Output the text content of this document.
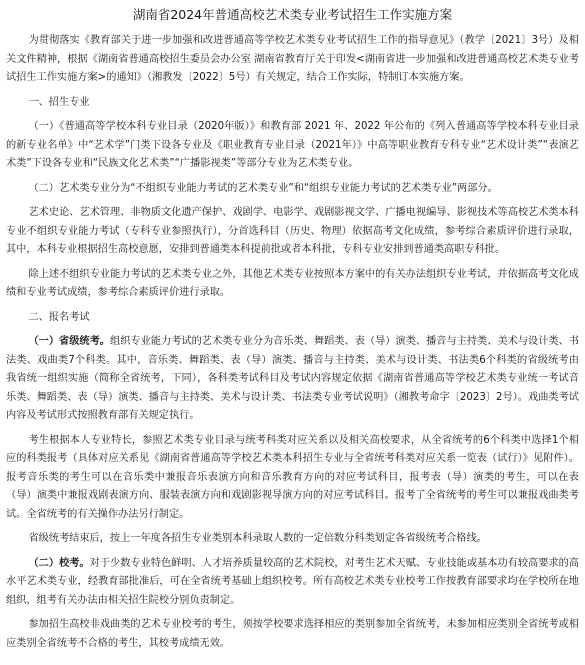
湖南省2024年普通高校艺术类专业考试招生工作实施方案

为贯彻落实《教育部关于进一步加强和改进普通高等学校艺术类专业考试招生工作的指导意见》（教学〔2021〕3号）及相关文件精神，根据《湖南省普通高校招生委员会办公室 湖南省教育厅关于印发<湖南省进一步加强和改进普通高校艺术类专业考试招生工作实施方案>的通知》（湘教发〔2022〕5号）有关规定，结合工作实际，特制订本实施方案。

一、招生专业

（一）《普通高等学校本科专业目录（2020年版）》和教育部 2021 年、2022 年公布的《列入普通高等学校本科专业目录的新专业名单》中“艺术学”门类下设各专业及《职业教育专业目录（2021年）》中高等职业教育专科专业“艺术设计类”“表演艺术类”下设各专业和“民族文化艺术类”“广播影视类”等部分专业为艺术类专业。

（二）艺术类专业分为“不组织专业能力考试的艺术类专业”和“组织专业能力考试的艺术类专业”两部分。

艺术史论、艺术管理、非物质文化遗产保护、戏剧学、电影学、戏剧影视文学、广播电视编导、影视技术等高校艺术类本科专业不组织专业能力考试（专科专业参照执行），分首选科目（历史、物理）依据高考文化成绩，参考综合素质评价进行录取，其中，本科专业根据招生高校意愿，安排到普通类本科提前批或者本科批，专科专业安排到普通类高职专科批。

除上述不组织专业能力考试的艺术类专业之外，其他艺术类专业按照本方案中的有关办法组织专业考试，并依据高考文化成绩和专业考试成绩，参考综合素质评价进行录取。

二、报名考试

（一）省级统考。组织专业能力考试的艺术类专业分为音乐类、舞蹈类、表（导）演类、播音与主持类、美术与设计类、书法类、戏曲类7个科类。其中，音乐类、舞蹈类、表（导）演类、播音与主持类、美术与设计类、书法类6个科类的省级统考由我省统一组织实施（简称全省统考，下同），各科类考试科目及考试内容规定依据《湖南省普通高等学校艺术类专业统一考试音乐类、舞蹈类、表（导）演类、播音与主持类、美术与设计类、书法类专业考试说明》（湘教考命字〔2023〕2号）。戏曲类考试内容及考试形式按照教育部有关规定执行。

考生根据本人专业特长，参照艺术类专业目录与统考科类对应关系以及相关高校要求，从全省统考的6个科类中选择1个相应的科类报考（具体对应关系见《湖南省普通高等学校艺术类本科招生专业与全省统考科类对应关系一览表（试行）》见附件）。报考音乐类的考生可以在音乐类中兼报音乐表演方向和音乐教育方向的对应考试科目，报考表（导）演类的考生，可以在表（导）演类中兼报戏剧表演方向、服装表演方向和戏剧影视导演方向的对应考试科目。报考了全省统考的考生可以兼报戏曲类考试。全省统考的有关操作办法另行制定。

省级统考结束后，按上一年度各招生专业类别本科录取人数的一定倍数分科类划定各省级统考合格线。

（二）校考。对于少数专业特色鲜明、人才培养质量较高的艺术院校，对考生艺术天赋、专业技能或基本功有较高要求的高水平艺术类专业，经教育部批准后，可在全省统考基础上组织校考。所有高校艺术类专业校考工作按教育部要求均在学校所在地组织，组考有关办法由相关招生院校分别负责制定。

参加招生高校非戏曲类的艺术专业校考的考生，须按学校要求选择相应的类别参加全省统考，未参加相应类别全省统考或相应类别全省统考不合格的考生，其校考成绩无效。
